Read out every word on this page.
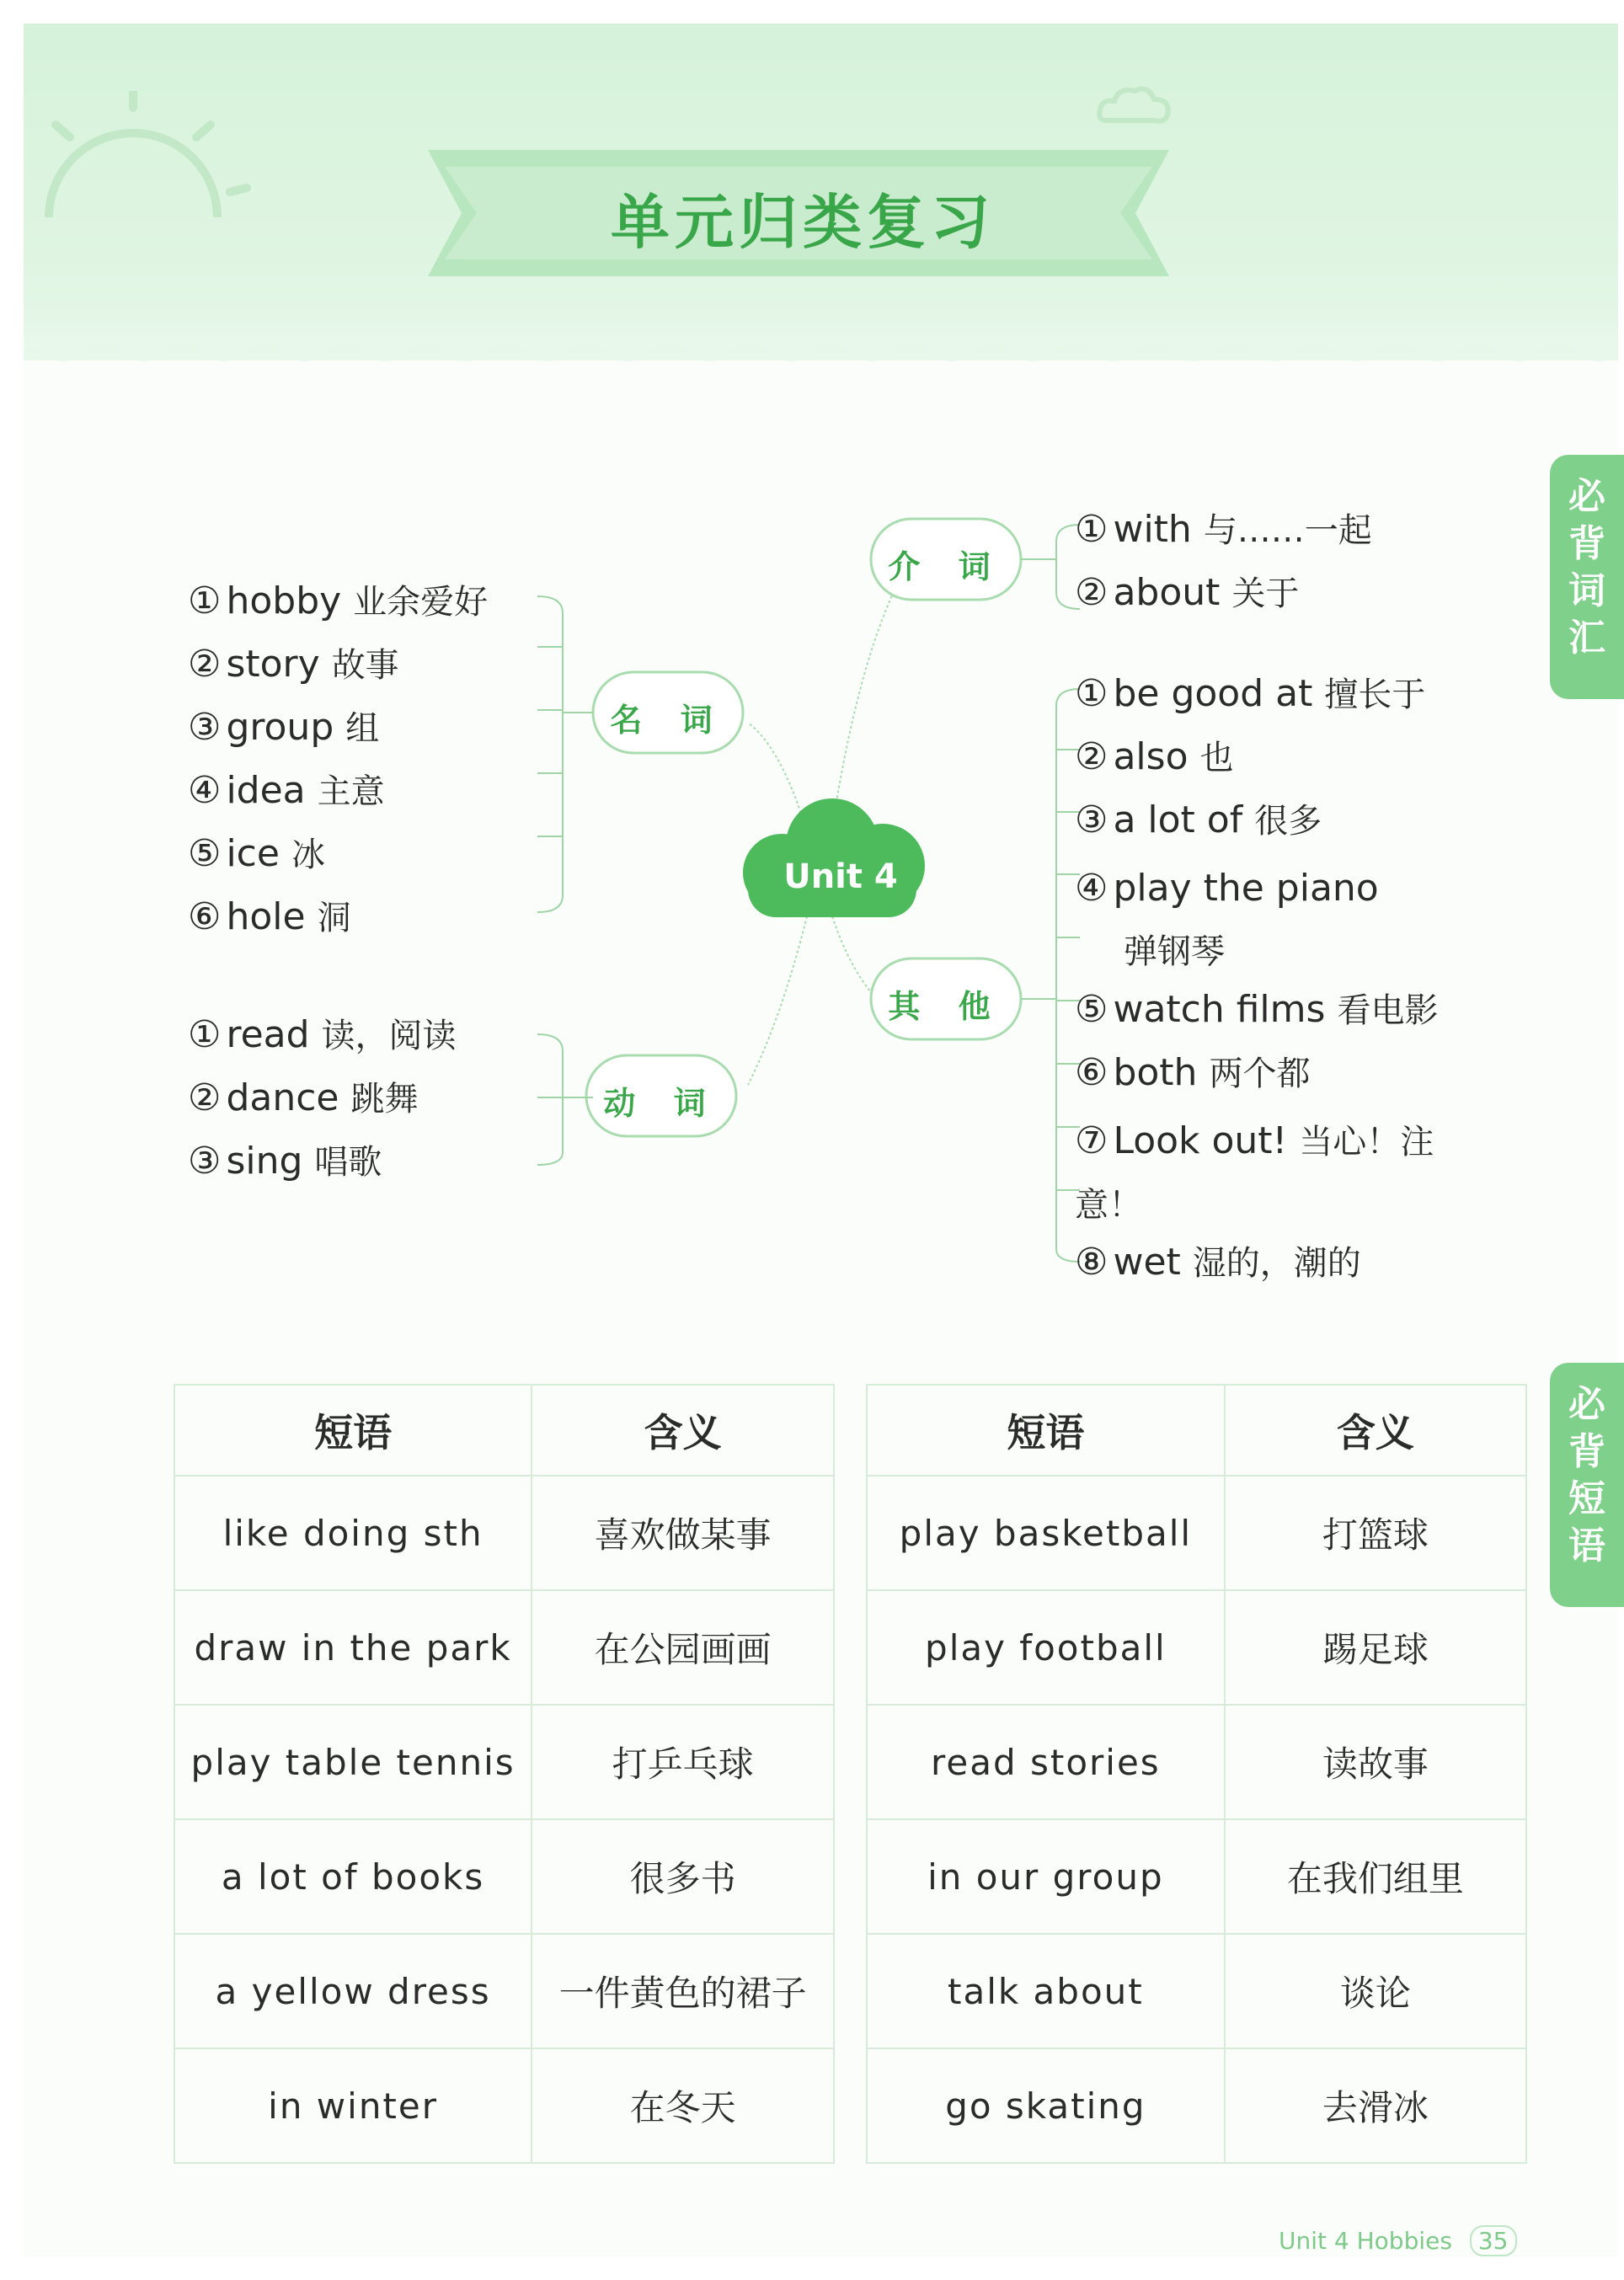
单元归类复习
必
背
词
汇
必
背
短
语
Unit 4
名 词
动 词
介 词
其 他
① hobby 业余爱好
② story 故事
③ group 组
④ idea 主意
⑤ ice 冰
⑥ hole 洞
① read 读，阅读
② dance 跳舞
③ sing 唱歌
① with 与……一起
② about 关于
① be good at 擅长于
② also 也
③ a lot of 很多
④ play the piano
弹钢琴
⑤ watch films 看电影
⑥ both 两个都
⑦ Look out! 当心！注意！
⑧ wet 湿的，潮的
短语	含义
like doing sth	喜欢做某事
draw in the park	在公园画画
play table tennis	打乒乓球
a lot of books	很多书
a yellow dress	一件黄色的裙子
in winter	在冬天
短语	含义
play basketball	打篮球
play football	踢足球
read stories	读故事
in our group	在我们组里
talk about	谈论
go skating	去滑冰
Unit 4 Hobbies 35
